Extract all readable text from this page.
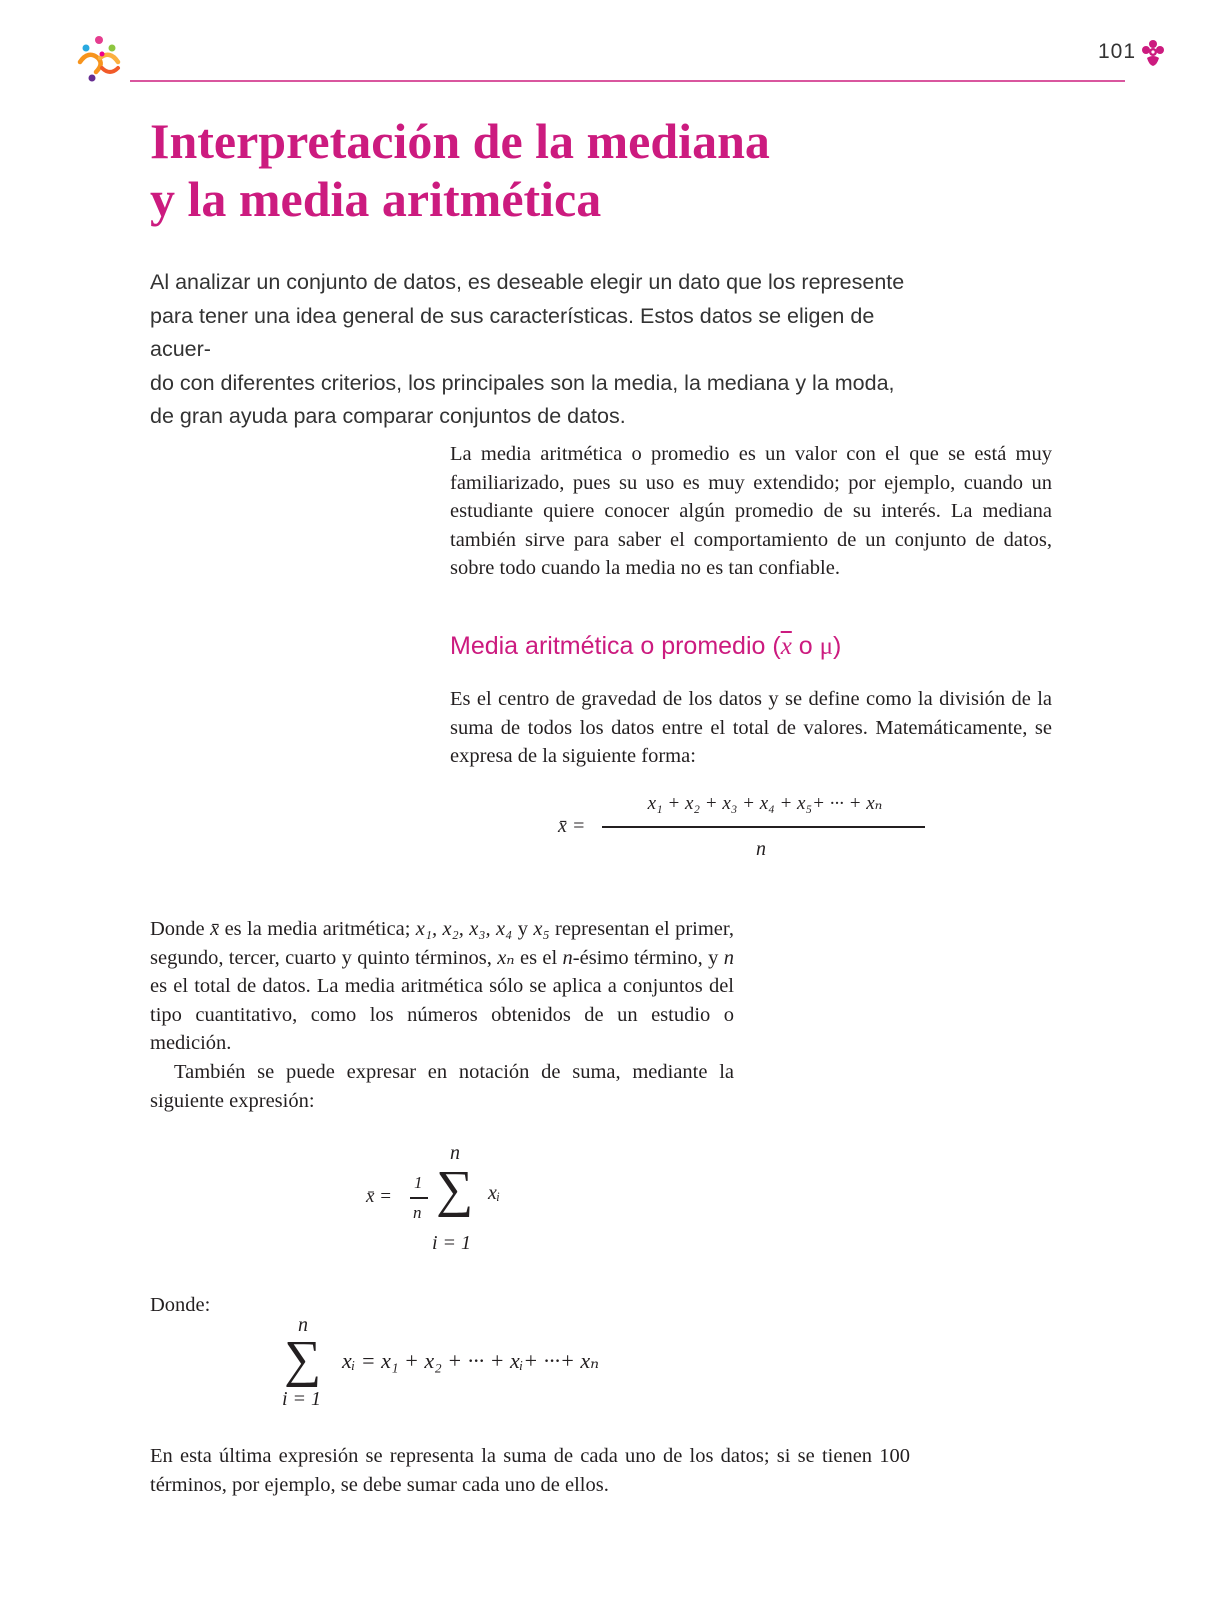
101
Interpretación de la mediana
y la media aritmética
Al analizar un conjunto de datos, es deseable elegir un dato que los represente
para tener una idea general de sus características. Estos datos se eligen de acuer-
do con diferentes criterios, los principales son la media, la mediana y la moda,
de gran ayuda para comparar conjuntos de datos.

La media aritmética o promedio es un valor con el que se está muy familiarizado, pues su uso es muy extendido; por ejemplo, cuando un estudiante quiere conocer algún promedio de su interés. La mediana también sirve para saber el comportamiento de un conjunto de datos, sobre todo cuando la media no es tan confiable.

Media aritmética o promedio (x o μ)

Es el centro de gravedad de los datos y se define como la división de la suma de todos los datos entre el total de valores. Matemáticamente, se expresa de la siguiente forma:

x̄ =
x₁ + x₂ + x₃ + x₄ + x₅+ ··· + xₙ
n

Donde x̄ es la media aritmética; x₁, x₂, x₃, x₄ y x₅ representan el primer, segundo, tercer, cuarto y quinto términos, xₙ es el n-ésimo término, y n es el total de datos. La media aritmética sólo se aplica a conjuntos del tipo cuantitativo, como los números obtenidos de un estudio o medición.

También se puede expresar en notación de suma, mediante la siguiente expresión:

x̄ =
1
n
n
∑ xᵢ
i = 1
Donde:
n
∑
i = 1
xᵢ = x₁ + x₂ + ··· + xᵢ+ ···+ xₙ

En esta última expresión se representa la suma de cada uno de los datos; si se tienen 100 términos, por ejemplo, se debe sumar cada uno de ellos.
